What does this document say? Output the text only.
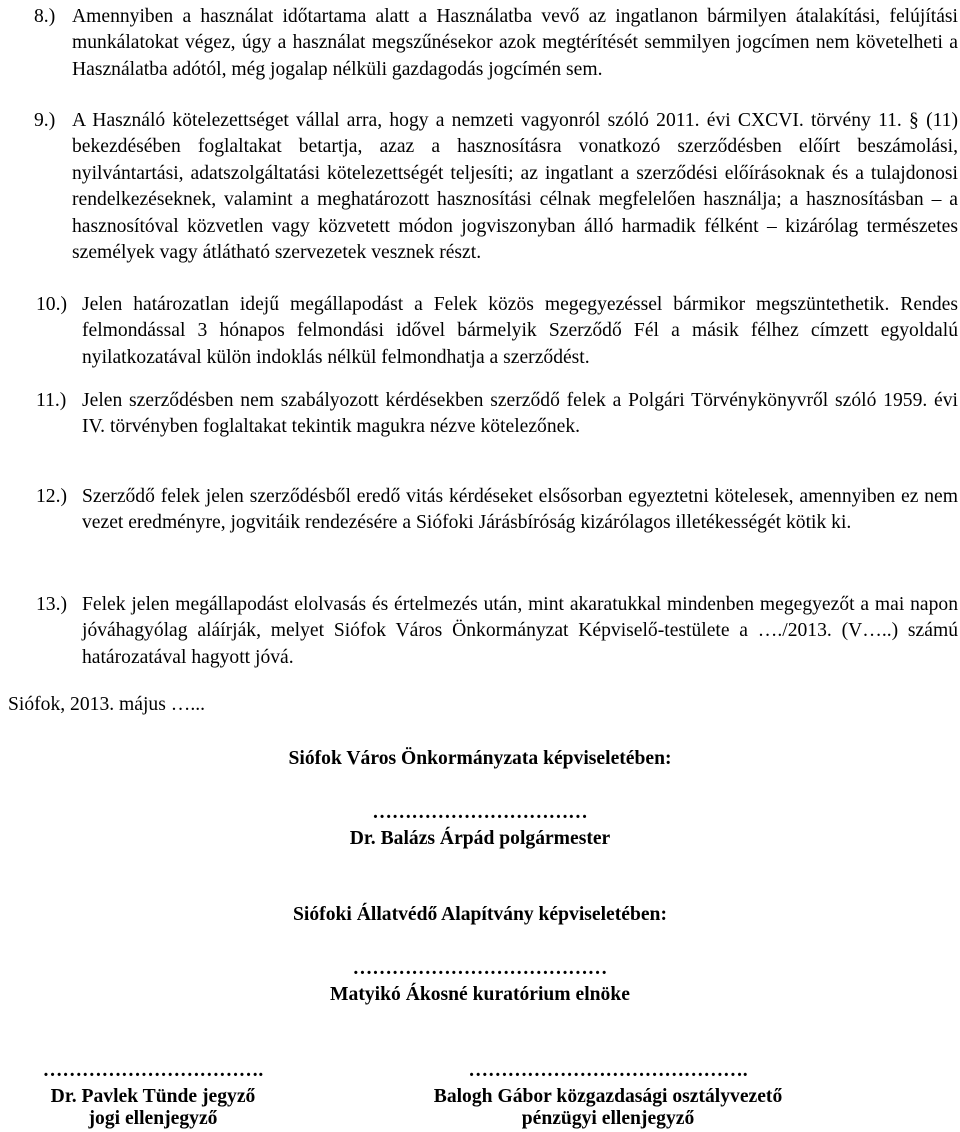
8.) Amennyiben a használat időtartama alatt a Használatba vevő az ingatlanon bármilyen átalakítási, felújítási munkálatokat végez, úgy a használat megszűnésekor azok megtérítését semmilyen jogcímen nem követelheti a Használatba adótól, még jogalap nélküli gazdagodás jogcímén sem.
9.) A Használó kötelezettséget vállal arra, hogy a nemzeti vagyonról szóló 2011. évi CXCVI. törvény 11. § (11) bekezdésében foglaltakat betartja, azaz a hasznosításra vonatkozó szerződésben előírt beszámolási, nyilvántartási, adatszolgáltatási kötelezettségét teljesíti; az ingatlant a szerződési előírásoknak és a tulajdonosi rendelkezéseknek, valamint a meghatározott hasznosítási célnak megfelelően használja; a hasznosításban – a hasznosítóval közvetlen vagy közvetett módon jogviszonyban álló harmadik félként – kizárólag természetes személyek vagy átlátható szervezetek vesznek részt.
10.) Jelen határozatlan idejű megállapodást a Felek közös megegyezéssel bármikor megszüntethetik. Rendes felmondással 3 hónapos felmondási idővel bármelyik Szerződő Fél a másik félhez címzett egyoldalú nyilatkozatával külön indoklás nélkül felmondhatja a szerződést.
11.) Jelen szerződésben nem szabályozott kérdésekben szerződő felek a Polgári Törvénykönyvről szóló 1959. évi IV. törvényben foglaltakat tekintik magukra nézve kötelezőnek.
12.) Szerződő felek jelen szerződésből eredő vitás kérdéseket elsősorban egyeztetni kötelesek, amennyiben ez nem vezet eredményre, jogvitáik rendezésére a Siófoki Járásbíróság kizárólagos illetékességét kötik ki.
13.) Felek jelen megállapodást elolvasás és értelmezés után, mint akaratukkal mindenben megegyezőt a mai napon jóváhagyólag aláírják, melyet Siófok Város Önkormányzat Képviselő-testülete a …./2013. (V…..) számú határozatával hagyott jóvá.
Siófok, 2013. május …...
Siófok Város Önkormányzata képviseletében:
……………………………
Dr. Balázs Árpád polgármester
Siófoki Állatvédő Alapítvány képviseletében:
…………………………………
Matyikó Ákosné kuratórium elnöke
…………………………….
Dr. Pavlek Tünde jegyző
jogi ellenjegyző
…………………………………….
Balogh Gábor közgazdasági osztályvezető
pénzügyi ellenjegyző
